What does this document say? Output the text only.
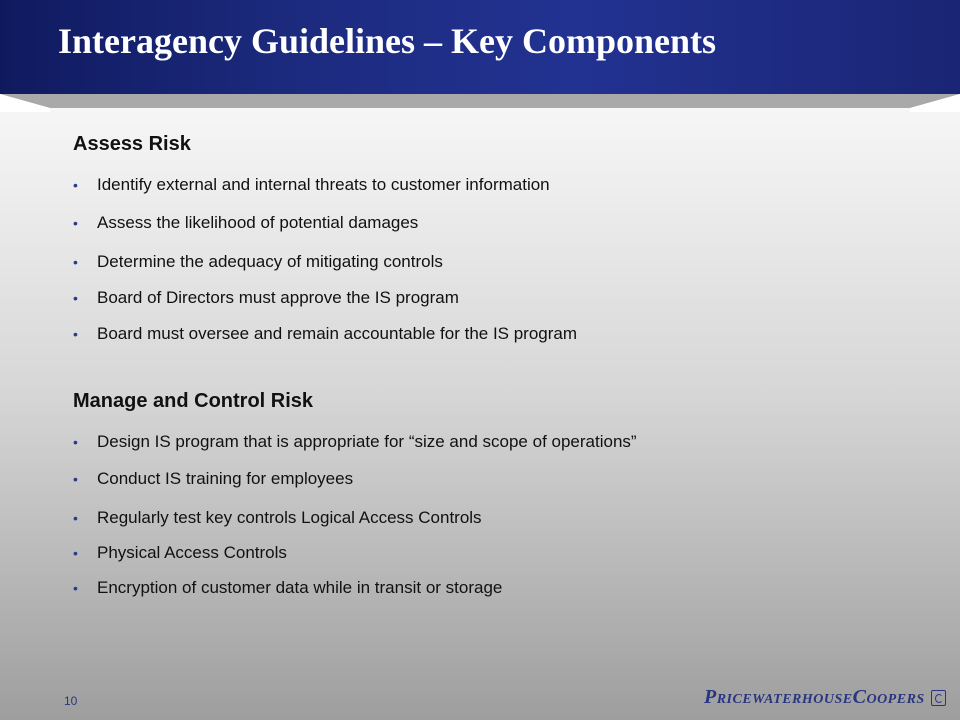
Interagency Guidelines – Key Components
Assess Risk
•	Identify external and internal threats to customer information
•	Assess the likelihood of potential damages
•	Determine the adequacy of mitigating controls
•	Board of Directors must approve the IS program
•	Board must oversee and remain accountable for the IS program
Manage and Control Risk
•	Design IS program that is appropriate for “size and scope of operations”
•	Conduct IS training for employees
•	Regularly test key controls Logical Access Controls
•	Physical Access Controls
•	Encryption of customer data while in transit or storage
10	PricewaterhouseCoopers
